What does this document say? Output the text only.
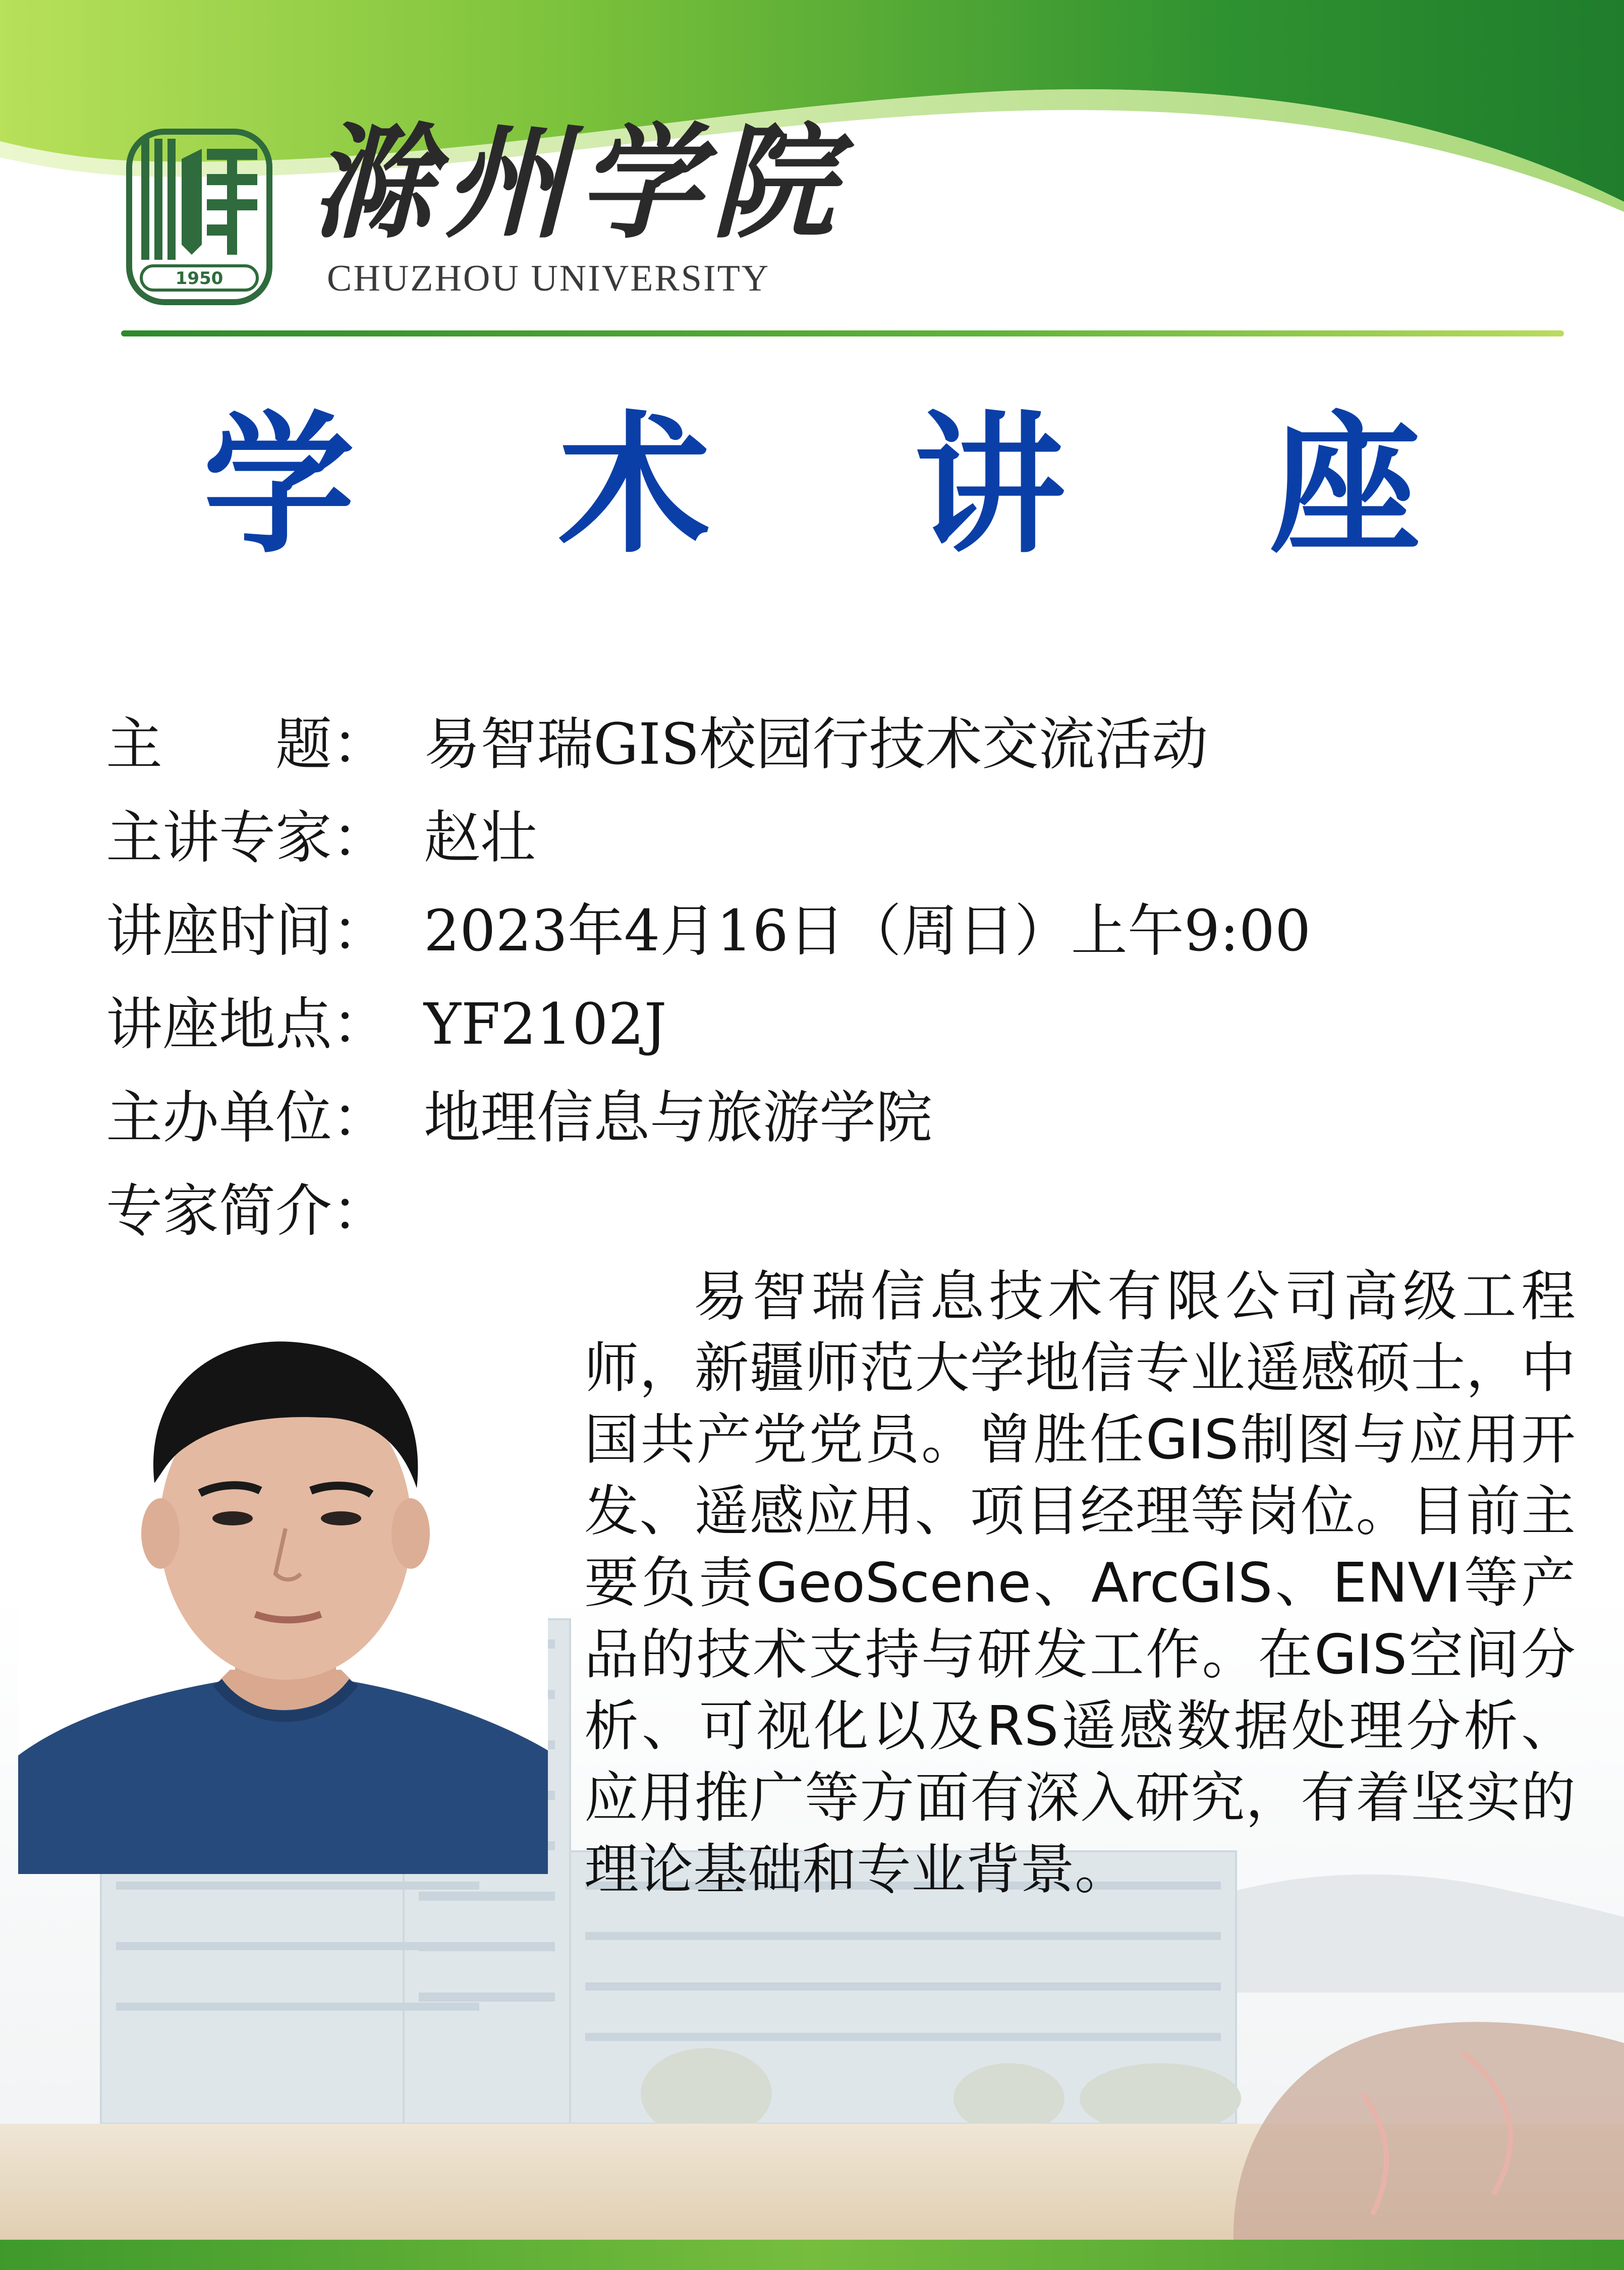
1950
滁州学院
CHUZHOU UNIVERSITY
学 术 讲 座
主　　题： 易智瑞GIS校园行技术交流活动
主讲专家： 赵壮
讲座时间： 2023年4月16日（周日）上午9:00
讲座地点： YF2102J
主办单位： 地理信息与旅游学院
专家简介：
易智瑞信息技术有限公司高级工程师，新疆师范大学地信专业遥感硕士，中国共产党党员。曾胜任GIS制图与应用开发、遥感应用、项目经理等岗位。目前主要负责GeoScene、ArcGIS、ENVI等产品的技术支持与研发工作。在GIS空间分析、可视化以及RS遥感数据处理分析、应用推广等方面有深入研究，有着坚实的理论基础和专业背景。
